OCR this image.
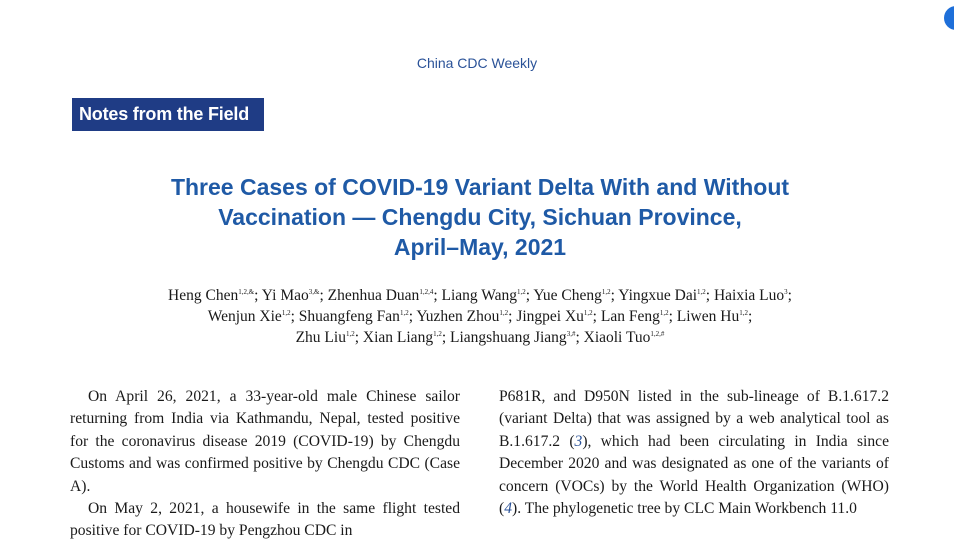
China CDC Weekly
Notes from the Field
Three Cases of COVID-19 Variant Delta With and Without
Vaccination — Chengdu City, Sichuan Province,
April–May, 2021
Heng Chen$^{1,2,\&}$; Yi Mao$^{3,\&}$; Zhenhua Duan$^{1,2,4}$; Liang Wang$^{1,2}$; Yue Cheng$^{1,2}$; Yingxue Dai$^{1,2}$; Haixia Luo$^3$;
Wenjun Xie$^{1,2}$; Shuangfeng Fan$^{1,2}$; Yuzhen Zhou$^{1,2}$; Jingpei Xu$^{1,2}$; Lan Feng$^{1,2}$; Liwen Hu$^{1,2}$;
Zhu Liu$^{1,2}$; Xian Liang$^{1,2}$; Liangshuang Jiang$^{3,\#}$; Xiaoli Tuo$^{1,2,\#}$

On April 26, 2021, a 33-year-old male Chinese sailor returning from India via Kathmandu, Nepal, tested positive for the coronavirus disease 2019 (COVID-19) by Chengdu Customs and was confirmed positive by Chengdu CDC (Case A).

On May 2, 2021, a housewife in the same flight tested positive for COVID-19 by Pengzhou CDC in

P681R, and D950N listed in the sub-lineage of B.1.617.2 (variant Delta) that was assigned by a web analytical tool as B.1.617.2 (3), which had been circulating in India since December 2020 and was designated as one of the variants of concern (VOCs) by the World Health Organization (WHO) (4). The phylogenetic tree by CLC Main Workbench 11.0
